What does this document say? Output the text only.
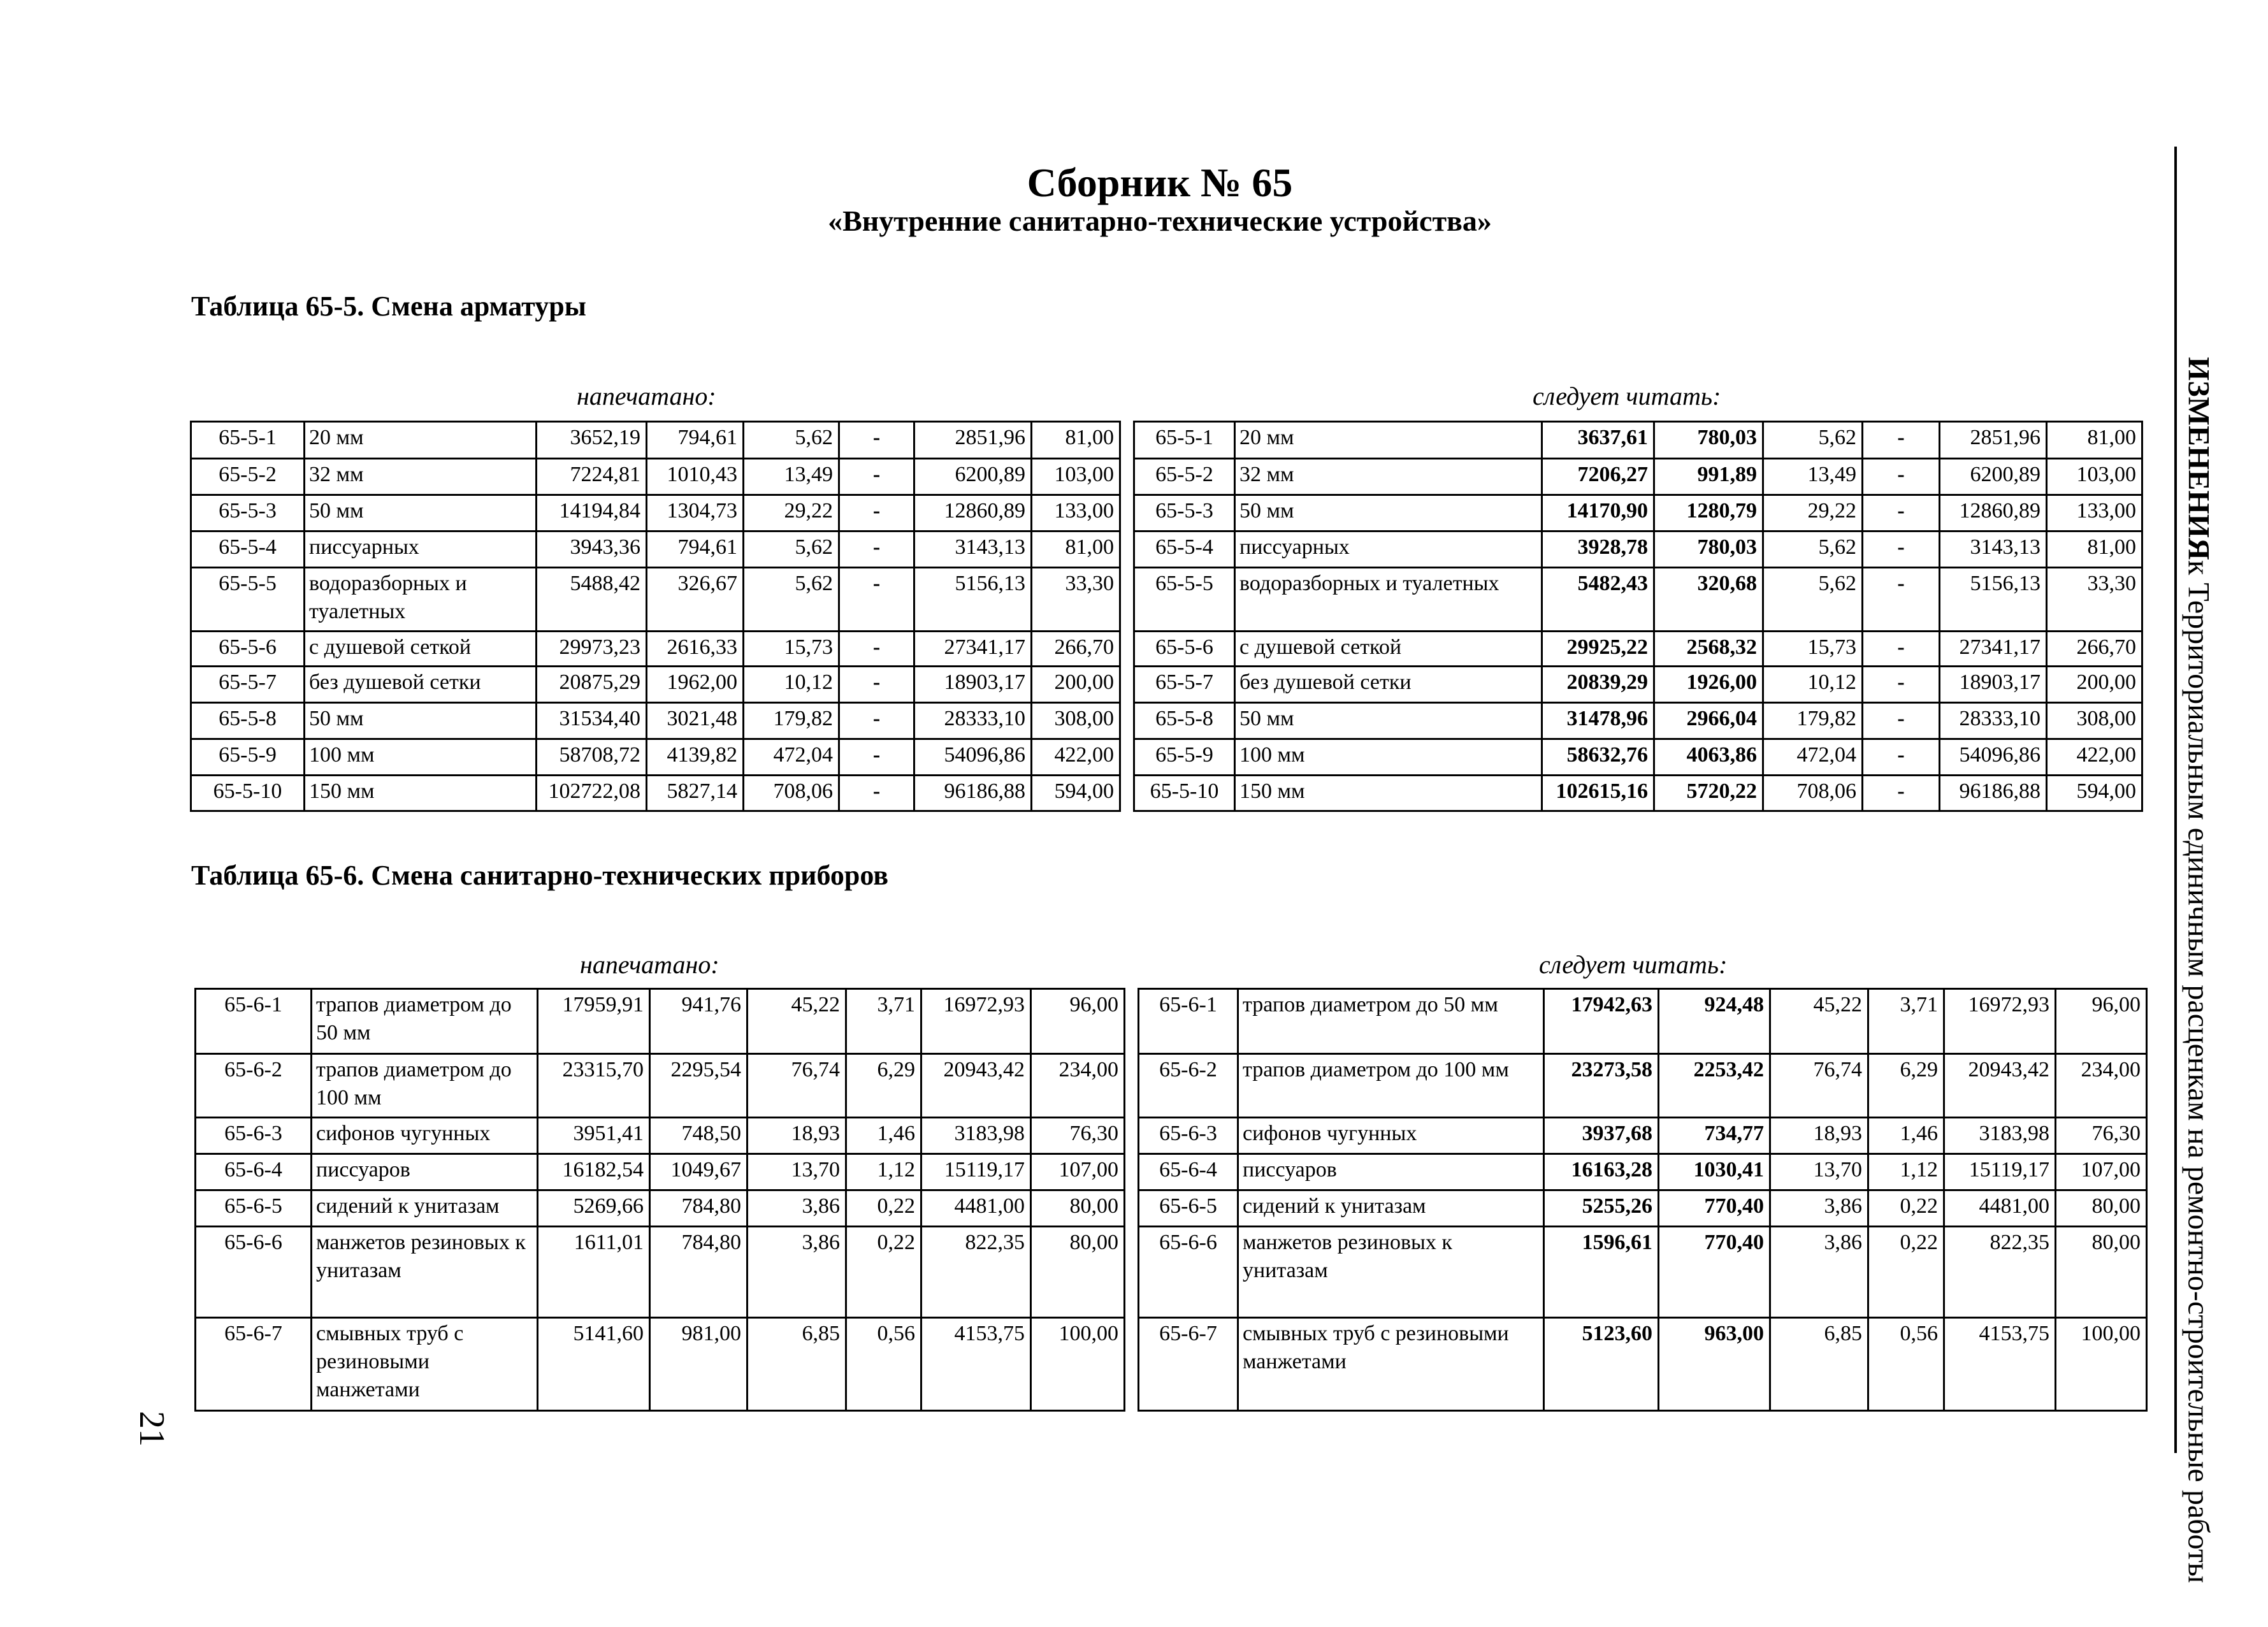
Сборник № 65
«Внутренние санитарно-технические устройства»
Таблица 65-5. Смена арматуры
напечатано:	следует читать:
65-5-1	20 мм	3652,19	794,61	5,62	-	2851,96	81,00
65-5-2	32 мм	7224,81	1010,43	13,49	-	6200,89	103,00
65-5-3	50 мм	14194,84	1304,73	29,22	-	12860,89	133,00
65-5-4	писсуарных	3943,36	794,61	5,62	-	3143,13	81,00
65-5-5	водоразборных и туалетных	5488,42	326,67	5,62	-	5156,13	33,30
65-5-6	с душевой сеткой	29973,23	2616,33	15,73	-	27341,17	266,70
65-5-7	без душевой сетки	20875,29	1962,00	10,12	-	18903,17	200,00
65-5-8	50 мм	31534,40	3021,48	179,82	-	28333,10	308,00
65-5-9	100 мм	58708,72	4139,82	472,04	-	54096,86	422,00
65-5-10	150 мм	102722,08	5827,14	708,06	-	96186,88	594,00
65-5-1	20 мм	3637,61	780,03	5,62	-	2851,96	81,00
65-5-2	32 мм	7206,27	991,89	13,49	-	6200,89	103,00
65-5-3	50 мм	14170,90	1280,79	29,22	-	12860,89	133,00
65-5-4	писсуарных	3928,78	780,03	5,62	-	3143,13	81,00
65-5-5	водоразборных и туалетных	5482,43	320,68	5,62	-	5156,13	33,30
65-5-6	с душевой сеткой	29925,22	2568,32	15,73	-	27341,17	266,70
65-5-7	без душевой сетки	20839,29	1926,00	10,12	-	18903,17	200,00
65-5-8	50 мм	31478,96	2966,04	179,82	-	28333,10	308,00
65-5-9	100 мм	58632,76	4063,86	472,04	-	54096,86	422,00
65-5-10	150 мм	102615,16	5720,22	708,06	-	96186,88	594,00
Таблица 65-6. Смена санитарно-технических приборов
напечатано:	следует читать:
65-6-1	трапов диаметром до 50 мм	17959,91	941,76	45,22	3,71	16972,93	96,00
65-6-2	трапов диаметром до 100 мм	23315,70	2295,54	76,74	6,29	20943,42	234,00
65-6-3	сифонов чугунных	3951,41	748,50	18,93	1,46	3183,98	76,30
65-6-4	писсуаров	16182,54	1049,67	13,70	1,12	15119,17	107,00
65-6-5	сидений к унитазам	5269,66	784,80	3,86	0,22	4481,00	80,00
65-6-6	манжетов резиновых к унитазам	1611,01	784,80	3,86	0,22	822,35	80,00
65-6-7	смывных труб с резиновыми манжетами	5141,60	981,00	6,85	0,56	4153,75	100,00
65-6-1	трапов диаметром до 50 мм	17942,63	924,48	45,22	3,71	16972,93	96,00
65-6-2	трапов диаметром до 100 мм	23273,58	2253,42	76,74	6,29	20943,42	234,00
65-6-3	сифонов чугунных	3937,68	734,77	18,93	1,46	3183,98	76,30
65-6-4	писсуаров	16163,28	1030,41	13,70	1,12	15119,17	107,00
65-6-5	сидений к унитазам	5255,26	770,40	3,86	0,22	4481,00	80,00
65-6-6	манжетов резиновых к унитазам	1596,61	770,40	3,86	0,22	822,35	80,00
65-6-7	смывных труб с резиновыми манжетами	5123,60	963,00	6,85	0,56	4153,75	100,00
ИЗМЕНЕНИЯ
к Территориальным единичным расценкам на ремонтно-строительные работы
21
